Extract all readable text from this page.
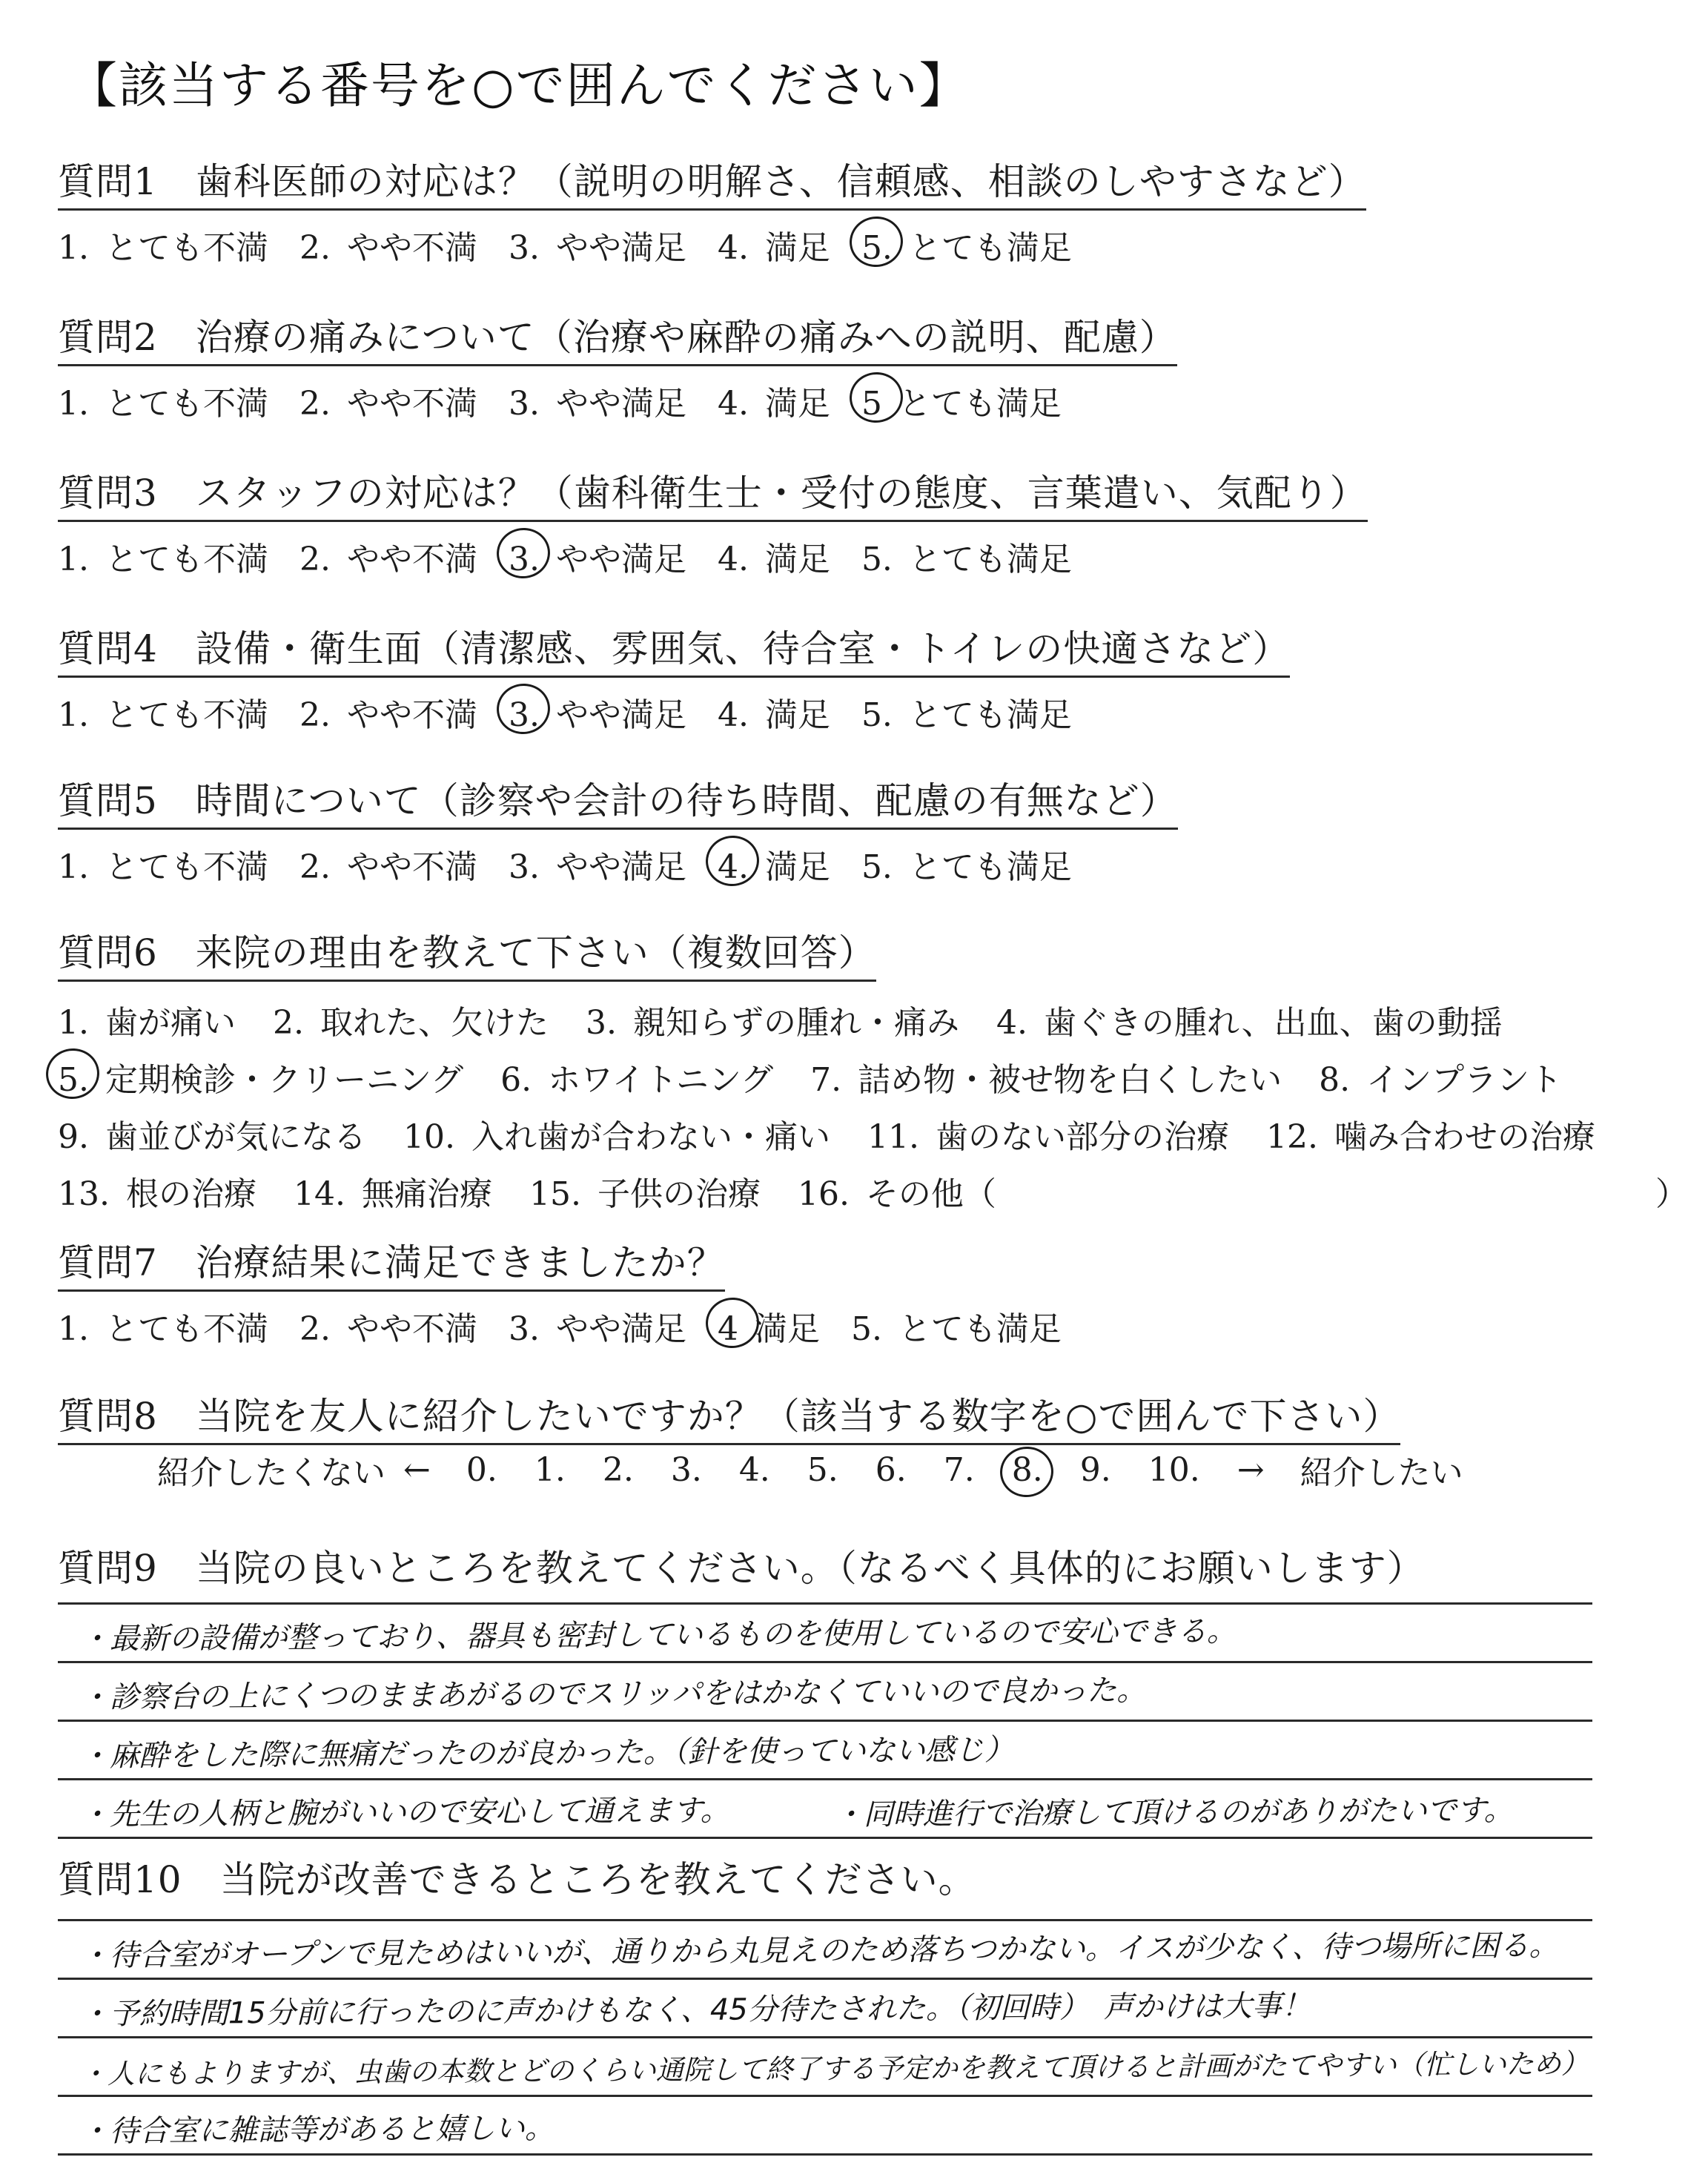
【該当する番号を○で囲んでください】
質問1　歯科医師の対応は？（説明の明解さ、信頼感、相談のしやすさなど）
1. とても不満 2. やや不満 3. やや満足 4. 満足 5. とても満足
質問2　治療の痛みについて（治療や麻酔の痛みへの説明、配慮）
1. とても不満 2. やや不満 3. やや満足 4. 満足 5 とても満足
質問3　スタッフの対応は？（歯科衛生士・受付の態度、言葉遣い、気配り）
1. とても不満 2. やや不満 3. やや満足 4. 満足 5. とても満足
質問4　設備・衛生面（清潔感、雰囲気、待合室・トイレの快適さなど）
1. とても不満 2. やや不満 3. やや満足 4. 満足 5. とても満足
質問5　時間について（診察や会計の待ち時間、配慮の有無など）
1. とても不満 2. やや不満 3. やや満足 4. 満足 5. とても満足
質問6　来院の理由を教えて下さい（複数回答）
1. 歯が痛い 2. 取れた、欠けた 3. 親知らずの腫れ・痛み 4. 歯ぐきの腫れ、出血、歯の動揺
5. 定期検診・クリーニング 6. ホワイトニング 7. 詰め物・被せ物を白くしたい 8. インプラント
9. 歯並びが気になる 10. 入れ歯が合わない・痛い 11. 歯のない部分の治療 12. 噛み合わせの治療
13. 根の治療 14. 無痛治療 15. 子供の治療 16. その他（	）
質問7　治療結果に満足できましたか？
1. とても不満 2. やや不満 3. やや満足 4 満足 5. とても満足
質問8　当院を友人に紹介したいですか？（該当する数字を○で囲んで下さい）
紹介したくない ← 0. 1. 2. 3. 4. 5. 6. 7. 8. 9. 10. → 紹介したい
質問9　当院の良いところを教えてください。（なるべく具体的にお願いします）
・最新の設備が整っており、器具も密封しているものを使用しているので安心できる。
・診察台の上にくつのままあがるのでスリッパをはかなくていいので良かった。
・麻酔をした際に無痛だったのが良かった。（針を使っていない感じ）
・先生の人柄と腕がいいので安心して通えます。	・同時進行で治療して頂けるのがありがたいです。
質問10　当院が改善できるところを教えてください。
・待合室がオープンで見ためはいいが、通りから丸見えのため落ちつかない。イスが少なく、待つ場所に困る。
・予約時間15分前に行ったのに声かけもなく、45分待たされた。（初回時）　声かけは大事！
・人にもよりますが、虫歯の本数とどのくらい通院して終了する予定かを教えて頂けると計画がたてやすい（忙しいため）
・待合室に雑誌等があると嬉しい。
